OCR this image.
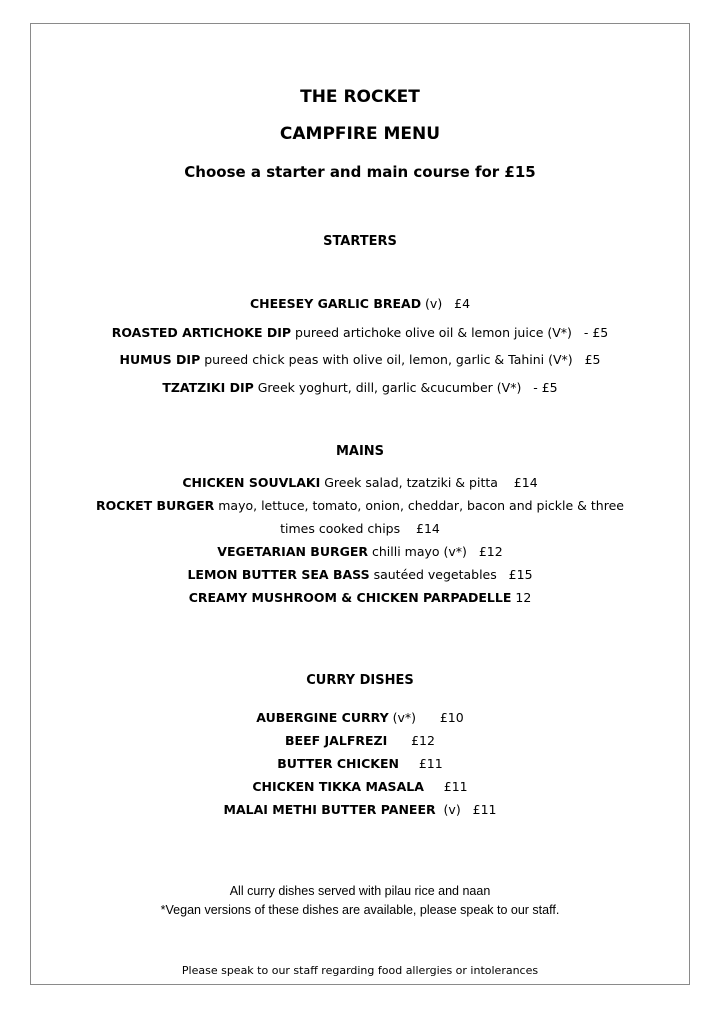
THE ROCKET
CAMPFIRE MENU
Choose a starter and main course for £15
STARTERS
CHEESEY GARLIC BREAD (v)   £4
ROASTED ARTICHOKE DIP pureed artichoke olive oil & lemon juice (V*)   - £5
HUMUS DIP pureed chick peas with olive oil, lemon, garlic & Tahini (V*)   £5
TZATZIKI DIP Greek yoghurt, dill, garlic &cucumber (V*)   - £5
MAINS
CHICKEN SOUVLAKI Greek salad, tzatziki & pitta    £14
ROCKET BURGER mayo, lettuce, tomato, onion, cheddar, bacon and pickle & three
times cooked chips    £14
VEGETARIAN BURGER chilli mayo (v*)   £12
LEMON BUTTER SEA BASS sautéed vegetables   £15
CREAMY MUSHROOM & CHICKEN PARPADELLE 12
CURRY DISHES
AUBERGINE CURRY (v*)      £10
BEEF JALFREZI      £12
BUTTER CHICKEN     £11
CHICKEN TIKKA MASALA     £11
MALAI METHI BUTTER PANEER  (v)   £11
All curry dishes served with pilau rice and naan
*Vegan versions of these dishes are available, please speak to our staff.
Please speak to our staff regarding food allergies or intolerances
